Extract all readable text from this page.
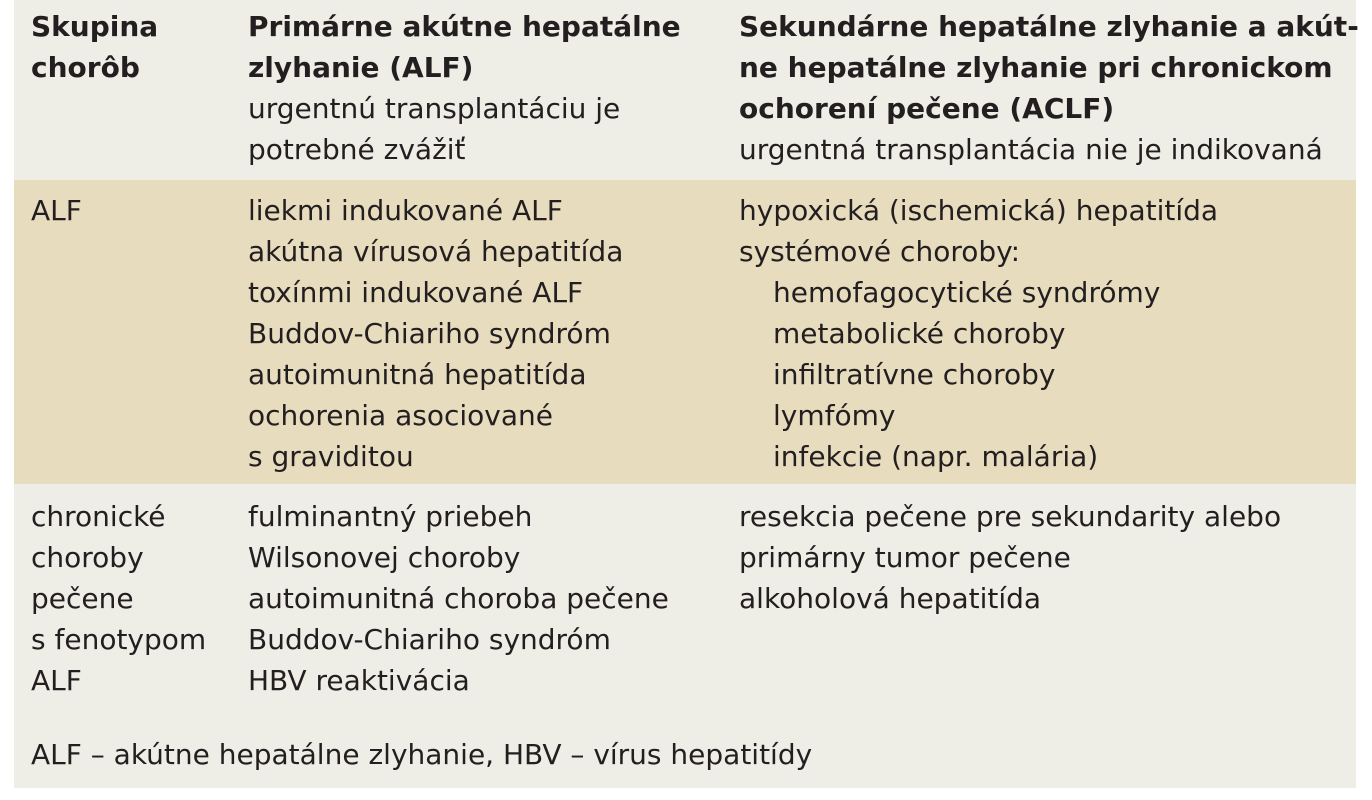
Skupina
chorôb
Primárne akútne hepatálne
zlyhanie (ALF)
urgentnú transplantáciu je
potrebné zvážiť
Sekundárne hepatálne zlyhanie a akút-
ne hepatálne zlyhanie pri chronickom
ochorení pečene (ACLF)
urgentná transplantácia nie je indikovaná
ALF	liekmi indukované ALF
akútna vírusová hepatitída
toxínmi indukované ALF
Buddov-Chiariho syndróm
autoimunitná hepatitída
ochorenia asociované
s graviditou
hypoxická (ischemická) hepatitída
systémové choroby:
hemofagocytické syndrómy
metabolické choroby
infiltratívne choroby
lymfómy
infekcie (napr. malária)
chronické
choroby
pečene
s fenotypom
ALF
fulminantný priebeh
Wilsonovej choroby
autoimunitná choroba pečene
Buddov-Chiariho syndróm
HBV reaktivácia
resekcia pečene pre sekundarity alebo
primárny tumor pečene
alkoholová hepatitída
ALF – akútne hepatálne zlyhanie, HBV – vírus hepatitídy
